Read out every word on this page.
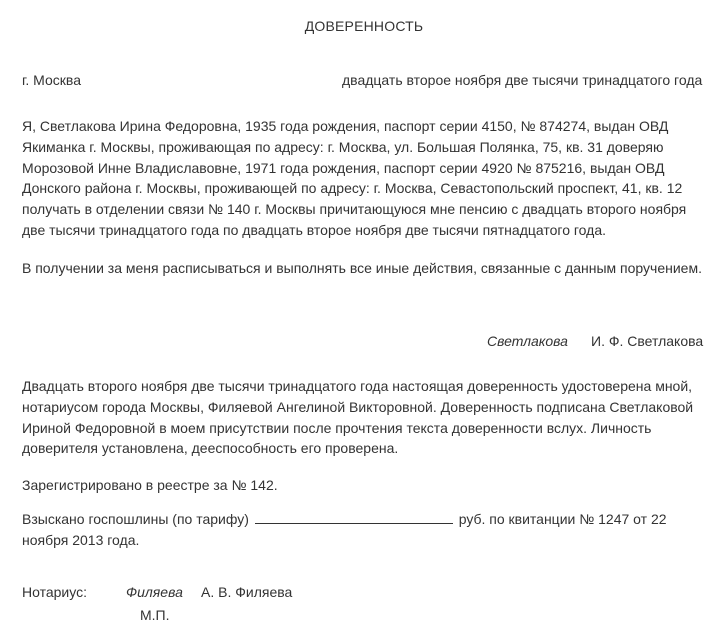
ДОВЕРЕННОСТЬ
г. Москва	двадцать второе ноября две тысячи тринадцатого года
Я, Светлакова Ирина Федоровна, 1935 года рождения, паспорт серии 4150, № 874274, выдан ОВД Якиманка г. Москвы, проживающая по адресу: г. Москва, ул. Большая Полянка, 75, кв. 31 доверяю Морозовой Инне Владиславовне, 1971 года рождения, паспорт серии 4920 № 875216, выдан ОВД Донского района г. Москвы, проживающей по адресу: г. Москва, Севастопольский проспект, 41, кв. 12 получать в отделении связи № 140 г. Москвы причитающуюся мне пенсию с двадцать второго ноября две тысячи тринадцатого года по двадцать второе ноября две тысячи пятнадцатого года.
В получении за меня расписываться и выполнять все иные действия, связанные с данным поручением.
Светлакова И. Ф. Светлакова
Двадцать второго ноября две тысячи тринадцатого года настоящая доверенность удостоверена мной, нотариусом города Москвы, Филяевой Ангелиной Викторовной. Доверенность подписана Светлаковой Ириной Федоровной в моем присутствии после прочтения текста доверенности вслух. Личность доверителя установлена, дееспособность его проверена.
Зарегистрировано в реестре за № 142.
Взыскано госпошлины (по тарифу)	руб. по квитанции № 1247 от 22 ноября 2013 года.
Нотариус:	Филяева А. В. Филяева
М.П.
